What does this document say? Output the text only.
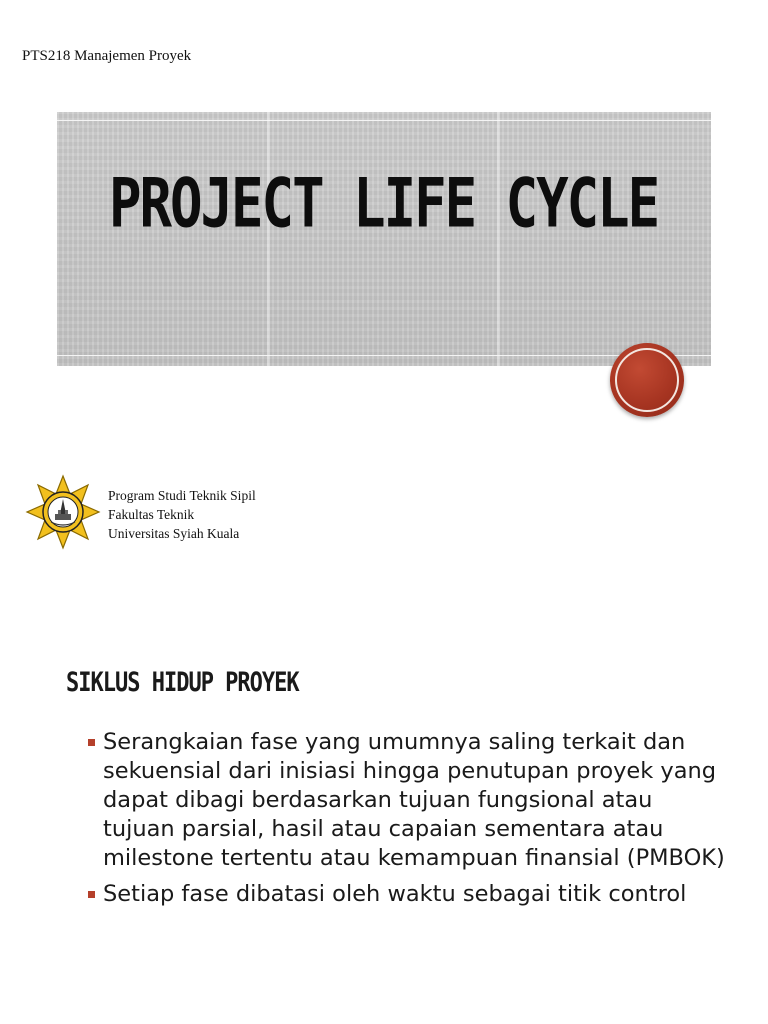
PTS218 Manajemen Proyek
PROJECT LIFE CYCLE
Program Studi Teknik Sipil
Fakultas Teknik
Universitas Syiah Kuala
SIKLUS HIDUP PROYEK
Serangkaian fase yang umumnya saling terkait dan sekuensial dari inisiasi hingga penutupan proyek yang dapat dibagi berdasarkan tujuan fungsional atau tujuan parsial, hasil atau capaian sementara atau milestone tertentu atau kemampuan finansial (PMBOK)
Setiap fase dibatasi oleh waktu sebagai titik control
